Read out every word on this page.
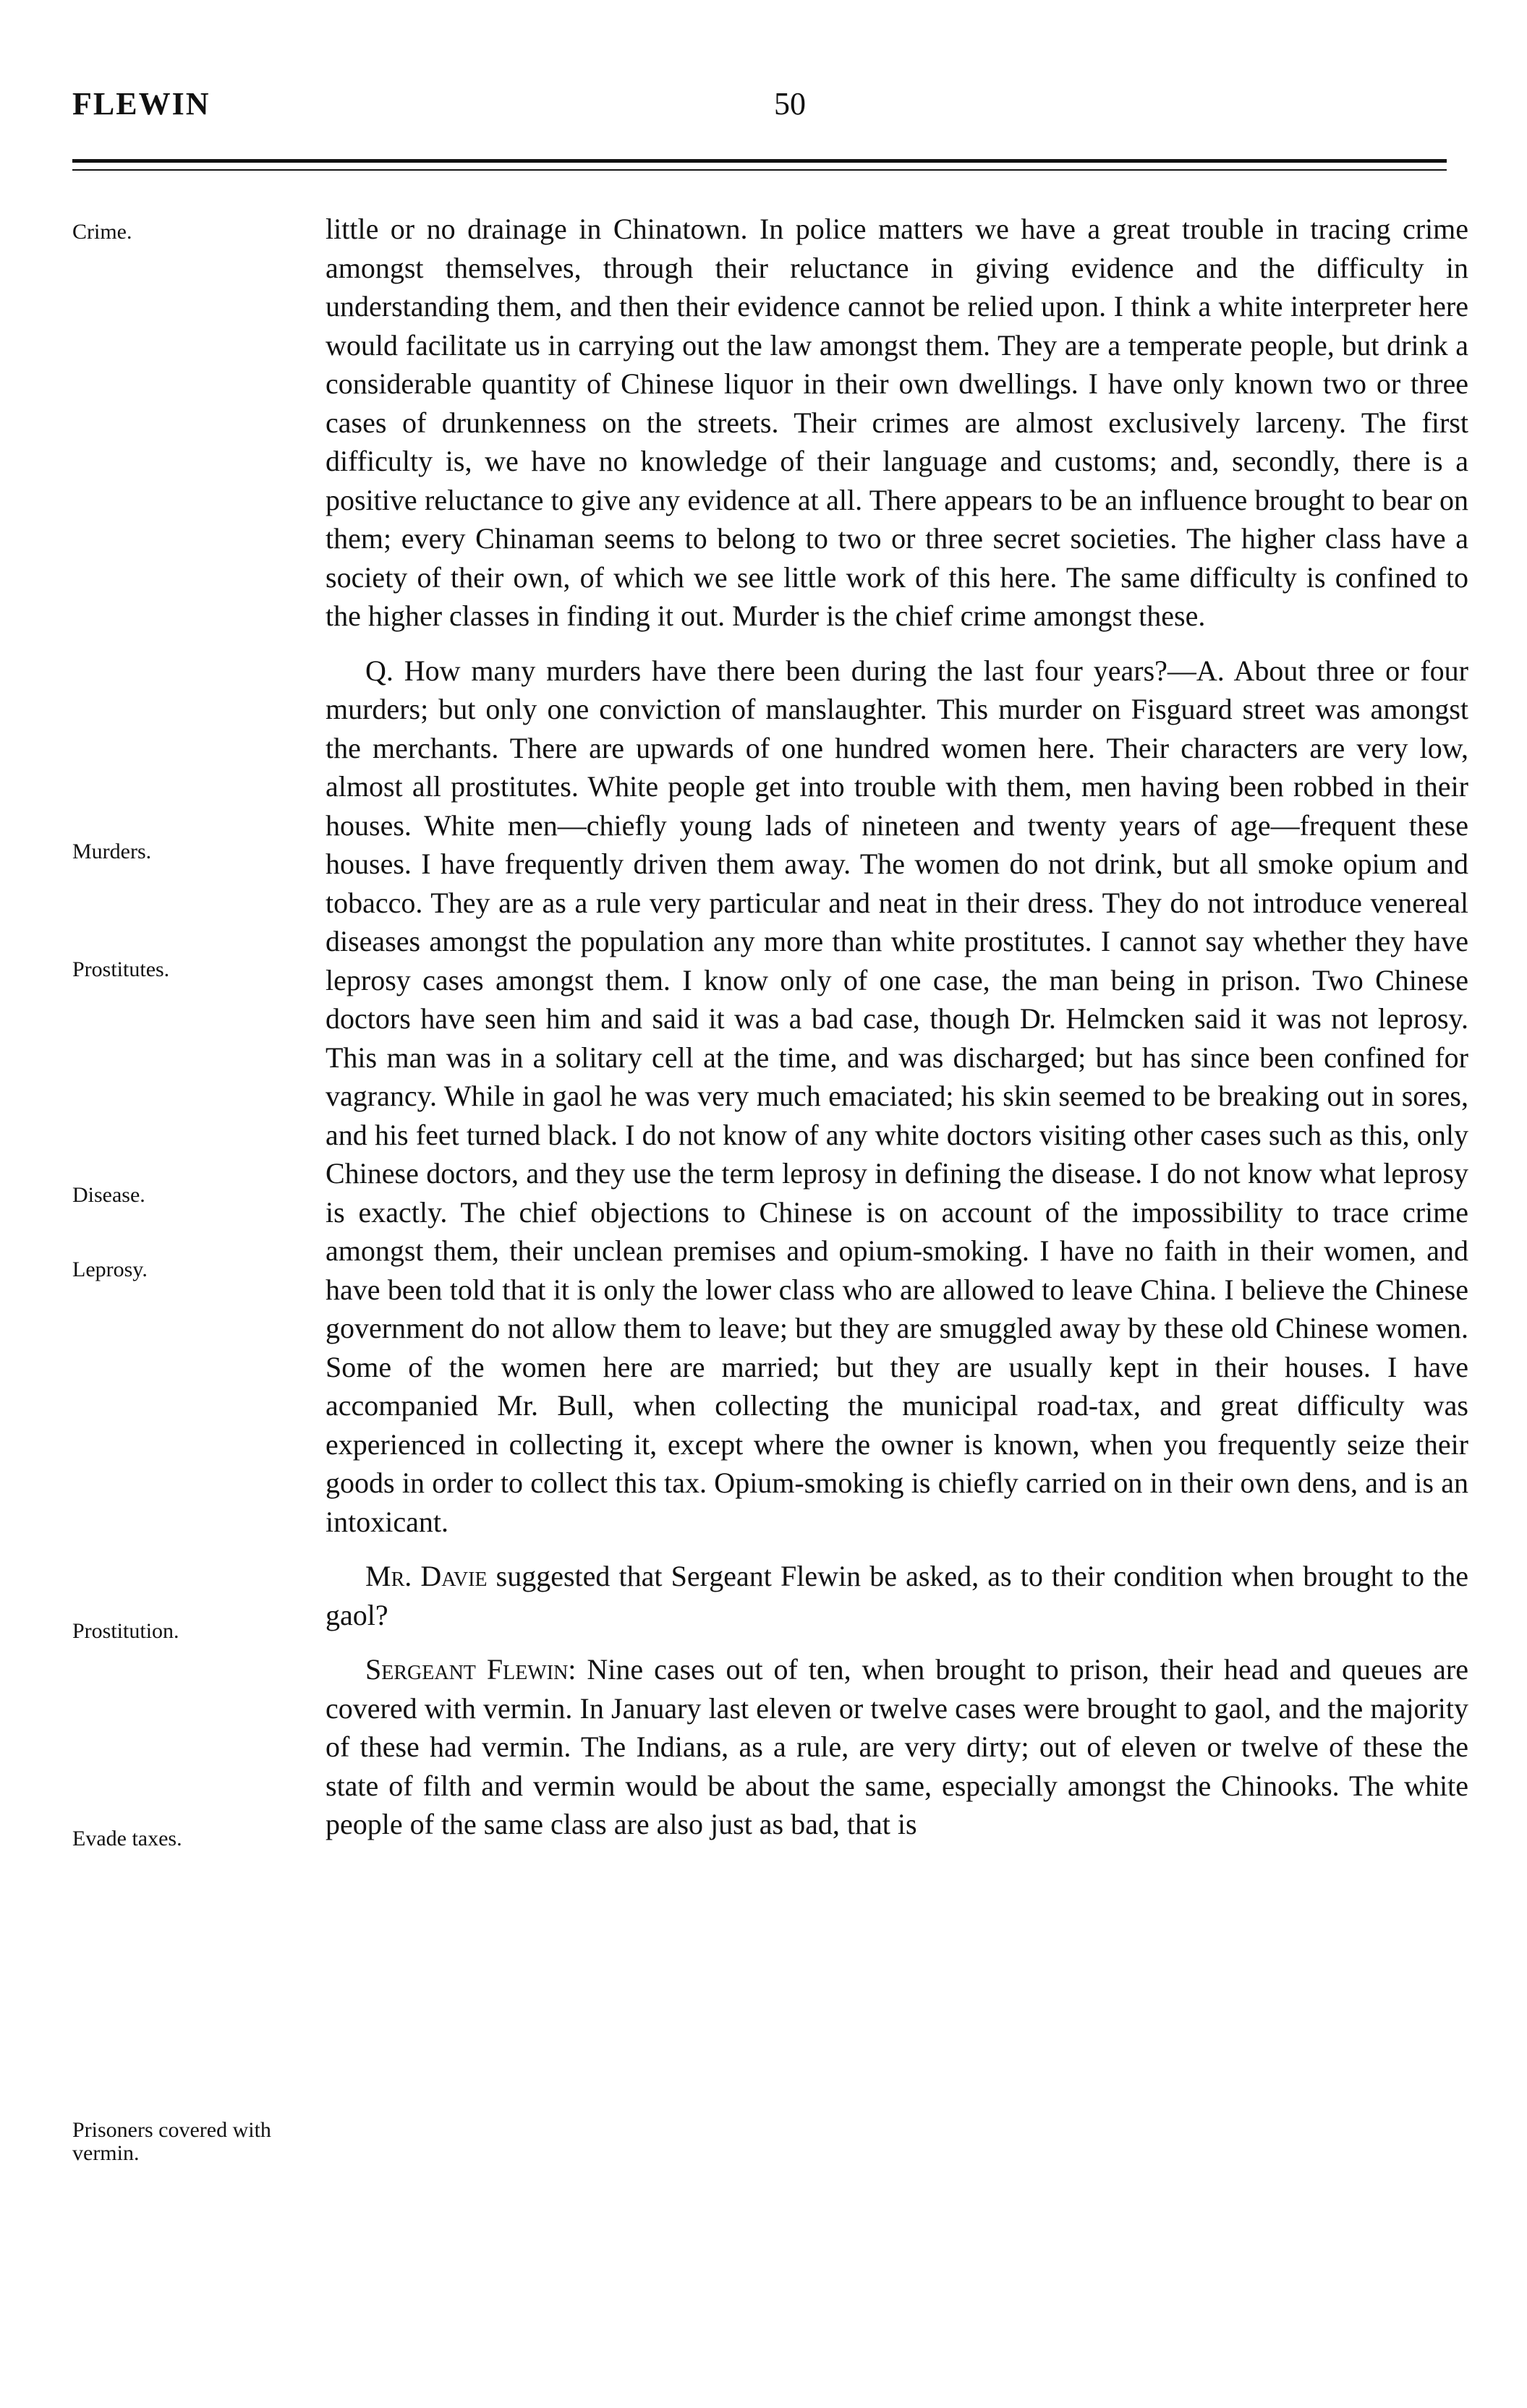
FLEWIN	50
Crime.
Murders.
Prostitutes.
Disease.
Leprosy.
Prostitution.
Evade taxes.
Prisoners covered with vermin.

little or no drainage in Chinatown. In police matters we have a great trouble in tracing crime amongst themselves, through their reluctance in giving evidence and the difficulty in understanding them, and then their evidence cannot be relied upon. I think a white interpreter here would facilitate us in carrying out the law amongst them. They are a temperate people, but drink a considerable quantity of Chinese liquor in their own dwellings. I have only known two or three cases of drunkenness on the streets. Their crimes are almost exclusively larceny. The first difficulty is, we have no knowledge of their language and customs; and, secondly, there is a positive reluctance to give any evidence at all. There appears to be an influence brought to bear on them; every Chinaman seems to belong to two or three secret societies. The higher class have a society of their own, of which we see little work of this here. The same difficulty is confined to the higher classes in finding it out. Murder is the chief crime amongst these.

Q. How many murders have there been during the last four years?—A. About three or four murders; but only one conviction of manslaughter. This murder on Fisguard street was amongst the merchants. There are upwards of one hundred women here. Their characters are very low, almost all prostitutes. White people get into trouble with them, men having been robbed in their houses. White men—chiefly young lads of nineteen and twenty years of age—frequent these houses. I have frequently driven them away. The women do not drink, but all smoke opium and tobacco. They are as a rule very particular and neat in their dress. They do not introduce venereal diseases amongst the population any more than white prostitutes. I cannot say whether they have leprosy cases amongst them. I know only of one case, the man being in prison. Two Chinese doctors have seen him and said it was a bad case, though Dr. Helmcken said it was not leprosy. This man was in a solitary cell at the time, and was discharged; but has since been confined for vagrancy. While in gaol he was very much emaciated; his skin seemed to be breaking out in sores, and his feet turned black. I do not know of any white doctors visiting other cases such as this, only Chinese doctors, and they use the term leprosy in defining the disease. I do not know what leprosy is exactly. The chief objections to Chinese is on account of the impossibility to trace crime amongst them, their unclean premises and opium-smoking. I have no faith in their women, and have been told that it is only the lower class who are allowed to leave China. I believe the Chinese government do not allow them to leave; but they are smuggled away by these old Chinese women. Some of the women here are married; but they are usually kept in their houses. I have accompanied Mr. Bull, when collecting the municipal road-tax, and great difficulty was experienced in collecting it, except where the owner is known, when you frequently seize their goods in order to collect this tax. Opium-smoking is chiefly carried on in their own dens, and is an intoxicant.

Mr. Davie suggested that Sergeant Flewin be asked, as to their condition when brought to the gaol?

Sergeant Flewin: Nine cases out of ten, when brought to prison, their head and queues are covered with vermin. In January last eleven or twelve cases were brought to gaol, and the majority of these had vermin. The Indians, as a rule, are very dirty; out of eleven or twelve of these the state of filth and vermin would be about the same, especially amongst the Chinooks. The white people of the same class are also just as bad, that is
